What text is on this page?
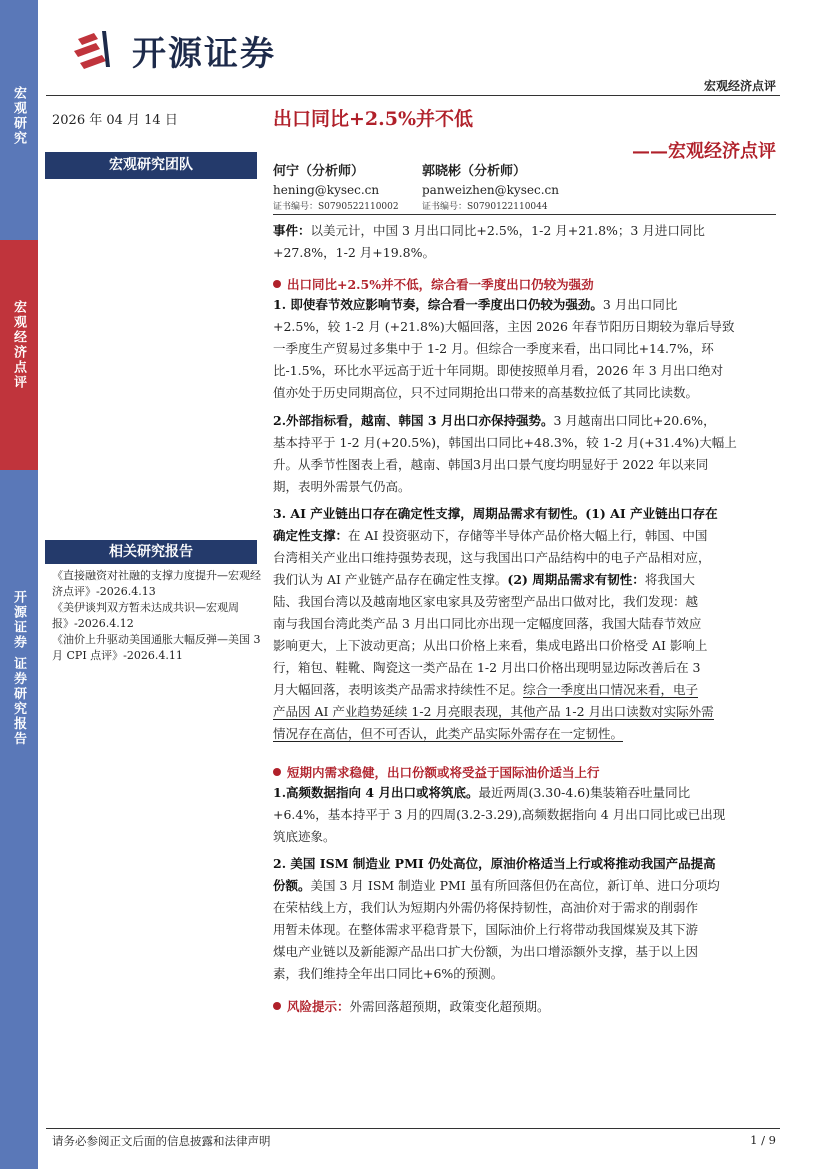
宏观研究
宏观经济点评
开源证券 证券研究报告
开源证券
宏观经济点评
2026 年 04 月 14 日	出口同比+2.5%并不低
——宏观经济点评
宏观研究团队	何宁（分析师）
hening@kysec.cn
证书编号：S0790522110002
郭晓彬（分析师）
panweizhen@kysec.cn
证书编号：S0790122110044
事件：以美元计，中国 3 月出口同比+2.5%，1-2 月+21.8%；3 月进口同比
+27.8%，1-2 月+19.8%。
出口同比+2.5%并不低，综合看一季度出口仍较为强劲
1. 即使春节效应影响节奏，综合看一季度出口仍较为强劲。3 月出口同比
+2.5%，较 1-2 月 (+21.8%)大幅回落，主因 2026 年春节阳历日期较为靠后导致
一季度生产贸易过多集中于 1-2 月。但综合一季度来看，出口同比+14.7%，环
比-1.5%，环比水平远高于近十年同期。即使按照单月看，2026 年 3 月出口绝对
值亦处于历史同期高位，只不过同期抢出口带来的高基数拉低了其同比读数。
2.外部指标看，越南、韩国 3 月出口亦保持强势。3 月越南出口同比+20.6%，
基本持平于 1-2 月(+20.5%)，韩国出口同比+48.3%，较 1-2 月(+31.4%)大幅上
升。从季节性图表上看，越南、韩国3月出口景气度均明显好于 2022 年以来同
期，表明外需景气仍高。
3. AI 产业链出口存在确定性支撑，周期品需求有韧性。(1) AI 产业链出口存在
确定性支撑：在 AI 投资驱动下，存储等半导体产品价格大幅上行，韩国、中国
台湾相关产业出口维持强势表现，这与我国出口产品结构中的电子产品相对应，
我们认为 AI 产业链产品存在确定性支撑。(2) 周期品需求有韧性：将我国大
陆、我国台湾以及越南地区家电家具及劳密型产品出口做对比，我们发现：越
南与我国台湾此类产品 3 月出口同比亦出现一定幅度回落，我国大陆春节效应
影响更大，上下波动更高；从出口价格上来看，集成电路出口价格受 AI 影响上
行，箱包、鞋靴、陶瓷这一类产品在 1-2 月出口价格出现明显边际改善后在 3
月大幅回落，表明该类产品需求持续性不足。综合一季度出口情况来看，电子
产品因 AI 产业趋势延续 1-2 月亮眼表现，其他产品 1-2 月出口读数对实际外需
情况存在高估，但不可否认，此类产品实际外需存在一定韧性。
短期内需求稳健，出口份额或将受益于国际油价适当上行
1.高频数据指向 4 月出口或将筑底。最近两周(3.30-4.6)集装箱吞吐量同比
+6.4%，基本持平于 3 月的四周(3.2-3.29),高频数据指向 4 月出口同比或已出现
筑底迹象。
2. 美国 ISM 制造业 PMI 仍处高位，原油价格适当上行或将推动我国产品提高
份额。美国 3 月 ISM 制造业 PMI 虽有所回落但仍在高位，新订单、进口分项均
在荣枯线上方，我们认为短期内外需仍将保持韧性，高油价对于需求的削弱作
用暂未体现。在整体需求平稳背景下，国际油价上行将带动我国煤炭及其下游
煤电产业链以及新能源产品出口扩大份额，为出口增添额外支撑，基于以上因
素，我们维持全年出口同比+6%的预测。
风险提示：外需回落超预期，政策变化超预期。
相关研究报告
《直接融资对社融的支撑力度提升—宏观经济点评》-2026.4.13
《美伊谈判双方暂未达成共识—宏观周报》-2026.4.12
《油价上升驱动美国通胀大幅反弹—美国 3 月 CPI 点评》-2026.4.11
请务必参阅正文后面的信息披露和法律声明	1 / 9
